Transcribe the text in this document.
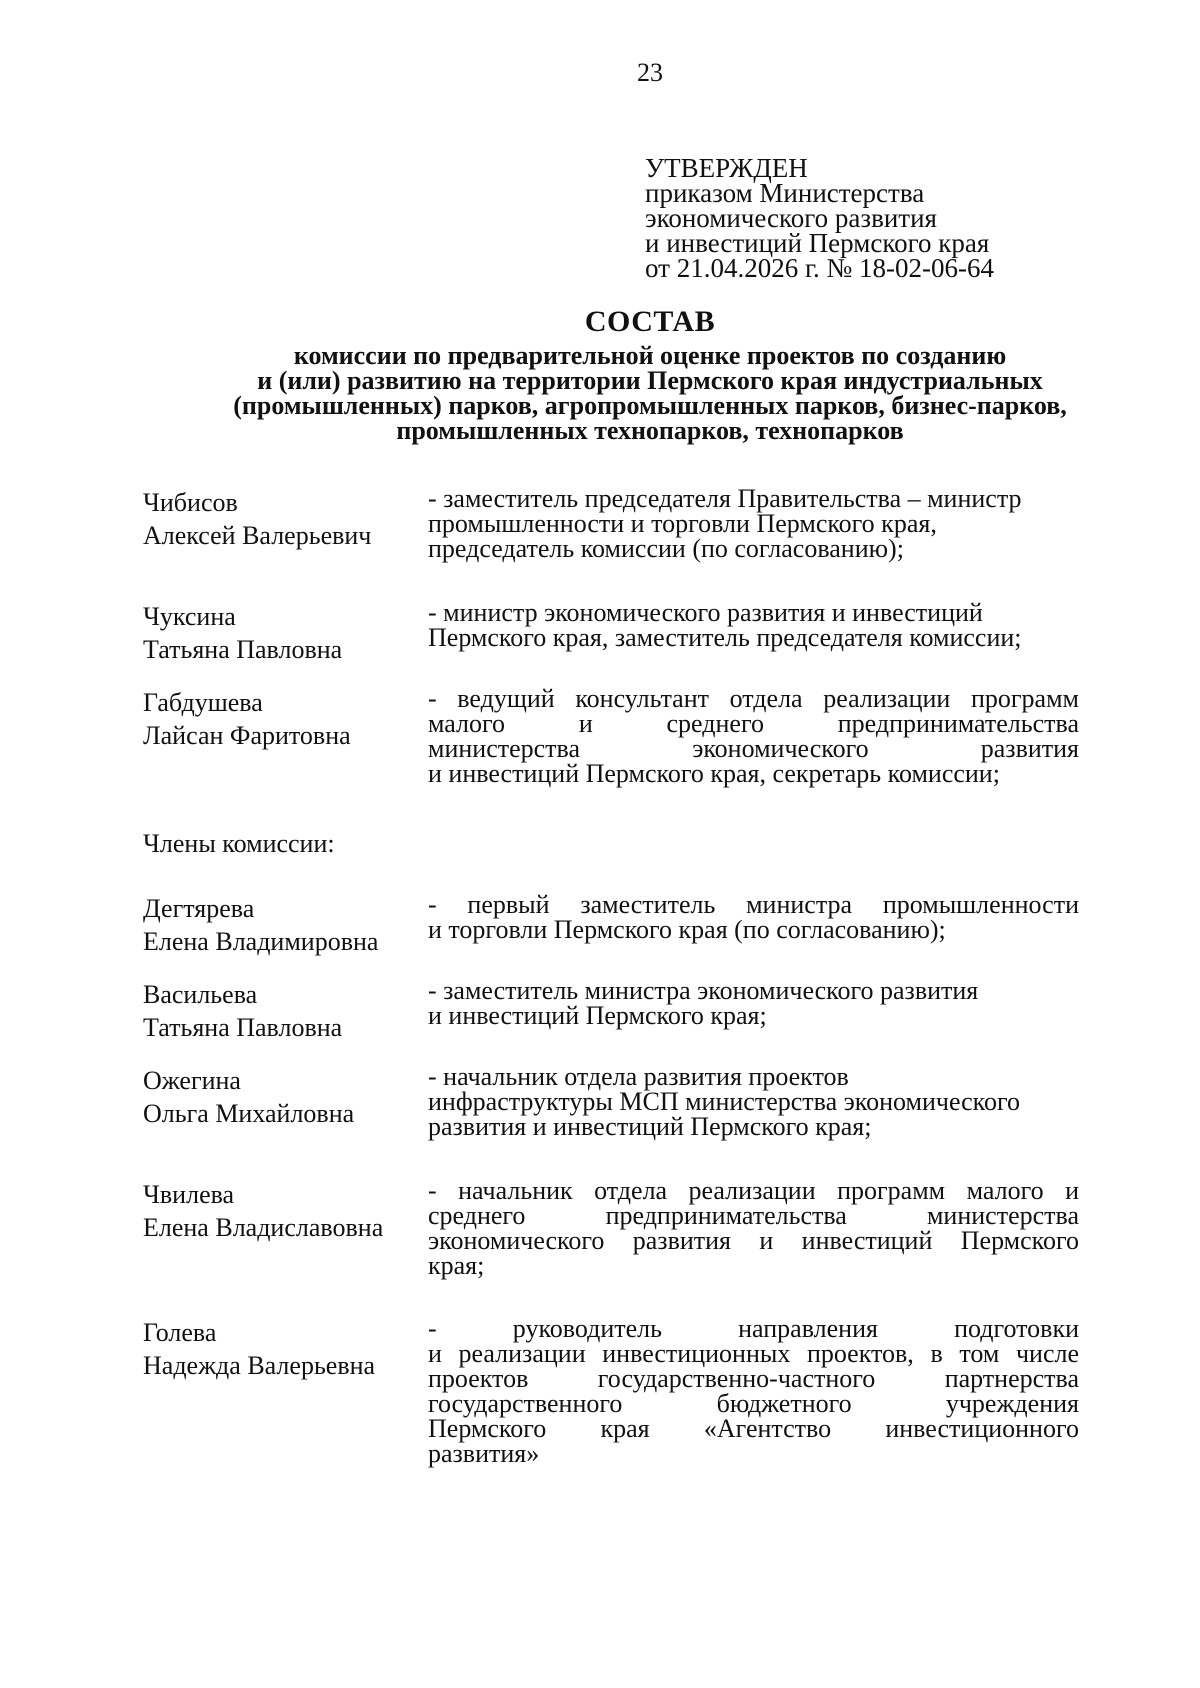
23
УТВЕРЖДЕН
приказом Министерства
экономического развития
и инвестиций Пермского края
от 21.04.2026 г. № 18-02-06-64
СОСТАВ
комиссии по предварительной оценке проектов по созданию
и (или) развитию на территории Пермского края индустриальных
(промышленных) парков, агропромышленных парков, бизнес-парков,
промышленных технопарков, технопарков
Чибисов
Алексей Валерьевич
- заместитель председателя Правительства – министр
промышленности и торговли Пермского края,
председатель комиссии (по согласованию);
Чуксина
Татьяна Павловна
- министр экономического развития и инвестиций
Пермского края, заместитель председателя комиссии;
Габдушева
Лайсан Фаритовна
- ведущий консультант отдела реализации программ
малого и среднего предпринимательства
министерства экономического развития
и инвестиций Пермского края, секретарь комиссии;
Члены комиссии:
Дегтярева
Елена Владимировна
- первый заместитель министра промышленности
и торговли Пермского края (по согласованию);
Васильева
Татьяна Павловна
- заместитель министра экономического развития
и инвестиций Пермского края;
Ожегина
Ольга Михайловна
- начальник отдела развития проектов
инфраструктуры МСП министерства экономического
развития и инвестиций Пермского края;
Чвилева
Елена Владиславовна
- начальник отдела реализации программ малого и
среднего предпринимательства министерства
экономического развития и инвестиций Пермского
края;
Голева
Надежда Валерьевна
- руководитель направления подготовки
и реализации инвестиционных проектов, в том числе
проектов государственно-частного партнерства
государственного бюджетного учреждения
Пермского края «Агентство инвестиционного
развития»
